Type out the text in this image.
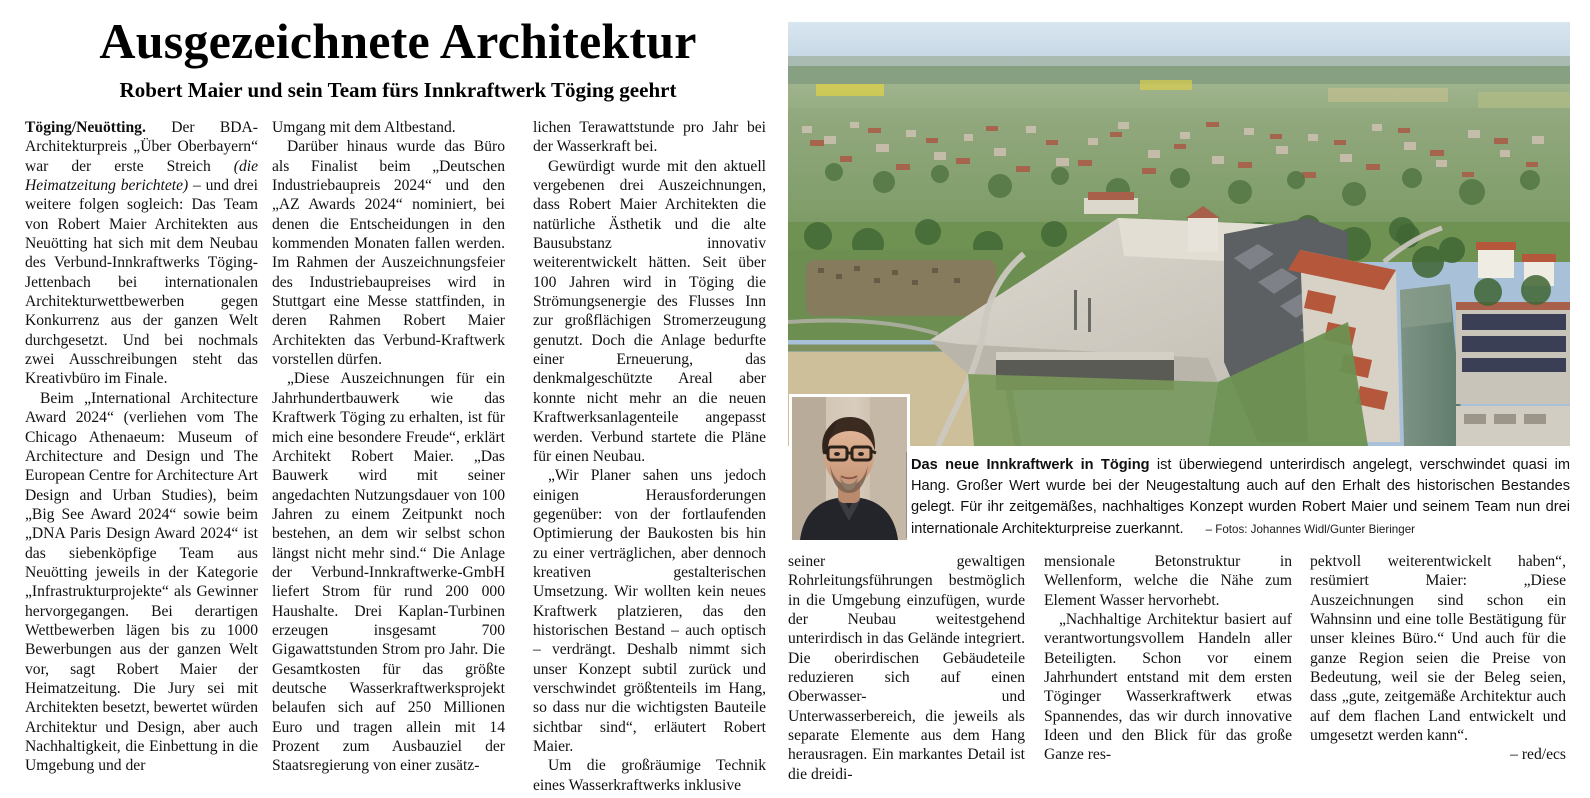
Ausgezeichnete Architektur
Robert Maier und sein Team fürs Innkraftwerk Töging geehrt

Töging/Neuötting. Der BDA-Architekturpreis „Über Oberbayern“ war der erste Streich (die Heimatzeitung berichtete) – und drei weitere folgen sogleich: Das Team von Robert Maier Architekten aus Neuötting hat sich mit dem Neubau des Verbund-Innkraftwerks Töging-Jettenbach bei internationalen Architekturwettbewerben gegen Konkurrenz aus der ganzen Welt durchgesetzt. Und bei nochmals zwei Ausschreibungen steht das Kreativbüro im Finale.

Beim „International Architecture Award 2024“ (verliehen vom The Chicago Athenaeum: Museum of Architecture and Design und The European Centre for Architecture Art Design and Urban Studies), beim „Big See Award 2024“ sowie beim „DNA Paris Design Award 2024“ ist das siebenköpfige Team aus Neuötting jeweils in der Kategorie „Infrastrukturprojekte“ als Gewinner hervorgegangen. Bei derartigen Wettbewerben lägen bis zu 1000 Bewerbungen aus der ganzen Welt vor, sagt Robert Maier der Heimatzeitung. Die Jury sei mit Architekten besetzt, bewertet würden Architektur und Design, aber auch Nachhaltigkeit, die Einbettung in die Umgebung und der

Umgang mit dem Altbestand.

Darüber hinaus wurde das Büro als Finalist beim „Deutschen Industriebaupreis 2024“ und den „AZ Awards 2024“ nominiert, bei denen die Entscheidungen in den kommenden Monaten fallen werden. Im Rahmen der Auszeichnungsfeier des Industriebaupreises wird in Stuttgart eine Messe stattfinden, in deren Rahmen Robert Maier Architekten das Verbund-Kraftwerk vorstellen dürfen.

„Diese Auszeichnungen für ein Jahrhundertbauwerk wie das Kraftwerk Töging zu erhalten, ist für mich eine besondere Freude“, erklärt Architekt Robert Maier. „Das Bauwerk wird mit seiner angedachten Nutzungsdauer von 100 Jahren zu einem Zeitpunkt noch bestehen, an dem wir selbst schon längst nicht mehr sind.“ Die Anlage der Verbund-Innkraftwerke-GmbH liefert Strom für rund 200 000 Haushalte. Drei Kaplan-Turbinen erzeugen insgesamt 700 Gigawattstunden Strom pro Jahr. Die Gesamtkosten für das größte deutsche Wasserkraftwerksprojekt belaufen sich auf 250 Millionen Euro und tragen allein mit 14 Prozent zum Ausbauziel der Staatsregierung von einer zusätz-

lichen Terawattstunde pro Jahr bei der Wasserkraft bei.

Gewürdigt wurde mit den aktuell vergebenen drei Auszeichnungen, dass Robert Maier Architekten die natürliche Ästhetik und die alte Bausubstanz innovativ weiterentwickelt hätten. Seit über 100 Jahren wird in Töging die Strömungsenergie des Flusses Inn zur großflächigen Stromerzeugung genutzt. Doch die Anlage bedurfte einer Erneuerung, das denkmalgeschützte Areal aber konnte nicht mehr an die neuen Kraftwerksanlagenteile angepasst werden. Verbund startete die Pläne für einen Neubau.

„Wir Planer sahen uns jedoch einigen Herausforderungen gegenüber: von der fortlaufenden Optimierung der Baukosten bis hin zu einer verträglichen, aber dennoch kreativen gestalterischen Umsetzung. Wir wollten kein neues Kraftwerk platzieren, das den historischen Bestand – auch optisch – verdrängt. Deshalb nimmt sich unser Konzept subtil zurück und verschwindet größtenteils im Hang, so dass nur die wichtigsten Bauteile sichtbar sind“, erläutert Robert Maier.

Um die großräumige Technik eines Wasserkraftwerks inklusive

Das neue Innkraftwerk in Töging ist überwiegend unterirdisch angelegt, verschwindet quasi im Hang. Großer Wert wurde bei der Neugestaltung auch auf den Erhalt des historischen Bestandes gelegt. Für ihr zeitgemäßes, nachhaltiges Konzept wurden Robert Maier und seinem Team nun drei internationale Architekturpreise zuerkannt. – Fotos: Johannes Widl/Gunter Bieringer

seiner gewaltigen Rohrleitungsführungen bestmöglich in die Umgebung einzufügen, wurde der Neubau weitestgehend unterirdisch in das Gelände integriert. Die oberirdischen Gebäudeteile reduzieren sich auf einen Oberwasser- und Unterwasserbereich, die jeweils als separate Elemente aus dem Hang herausragen. Ein markantes Detail ist die dreidi-

mensionale Betonstruktur in Wellenform, welche die Nähe zum Element Wasser hervorhebt.

„Nachhaltige Architektur basiert auf verantwortungsvollem Handeln aller Beteiligten. Schon vor einem Jahrhundert entstand mit dem ersten Töginger Wasserkraftwerk etwas Spannendes, das wir durch innovative Ideen und den Blick für das große Ganze res-

pektvoll weiterentwickelt haben“, resümiert Maier: „Diese Auszeichnungen sind schon ein Wahnsinn und eine tolle Bestätigung für unser kleines Büro.“ Und auch für die ganze Region seien die Preise von Bedeutung, weil sie der Beleg seien, dass „gute, zeitgemäße Architektur auch auf dem flachen Land entwickelt und umgesetzt werden kann“.

– red/ecs
